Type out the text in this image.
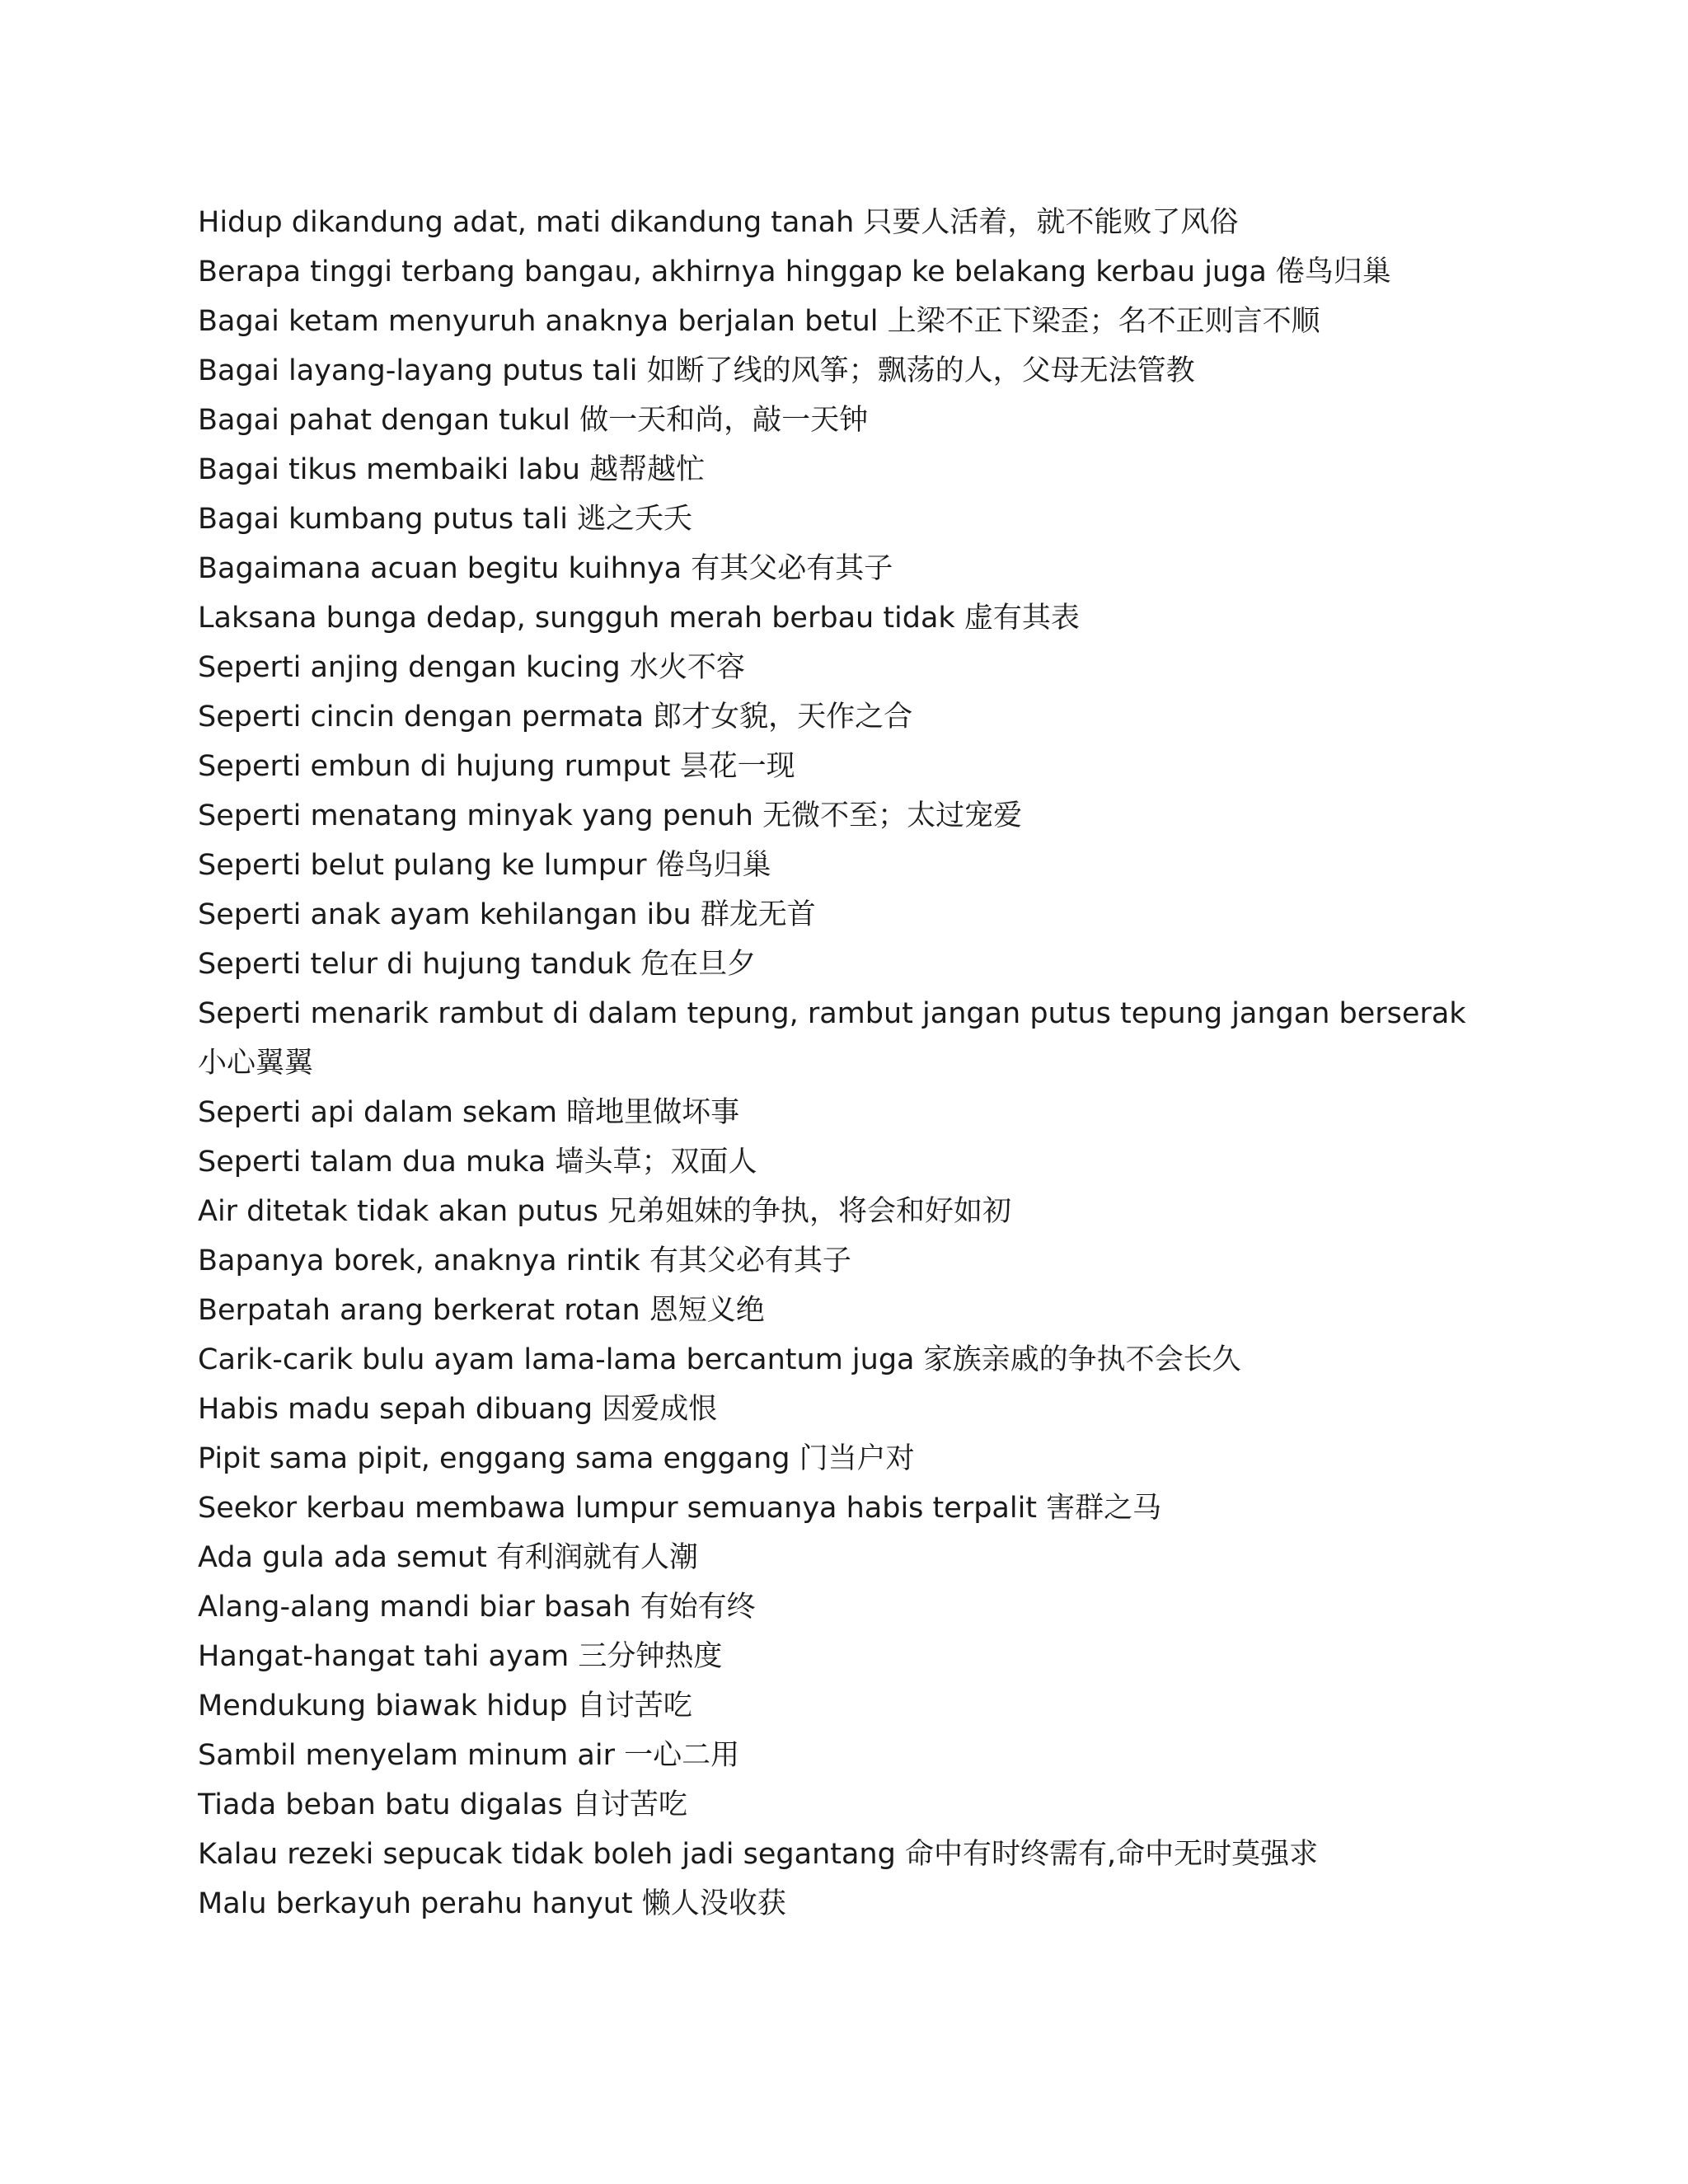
Hidup dikandung adat, mati dikandung tanah 只要人活着，就不能败了风俗
Berapa tinggi terbang bangau, akhirnya hinggap ke belakang kerbau juga 倦鸟归巢
Bagai ketam menyuruh anaknya berjalan betul 上梁不正下梁歪；名不正则言不顺
Bagai layang-layang putus tali 如断了线的风筝；飘荡的人，父母无法管教
Bagai pahat dengan tukul 做一天和尚，敲一天钟
Bagai tikus membaiki labu 越帮越忙
Bagai kumbang putus tali 逃之夭夭
Bagaimana acuan begitu kuihnya 有其父必有其子
Laksana bunga dedap, sungguh merah berbau tidak 虚有其表
Seperti anjing dengan kucing 水火不容
Seperti cincin dengan permata 郎才女貌，天作之合
Seperti embun di hujung rumput 昙花一现
Seperti menatang minyak yang penuh 无微不至；太过宠爱
Seperti belut pulang ke lumpur 倦鸟归巢
Seperti anak ayam kehilangan ibu 群龙无首
Seperti telur di hujung tanduk 危在旦夕
Seperti menarik rambut di dalam tepung, rambut jangan putus tepung jangan berserak 小心翼翼
Seperti api dalam sekam 暗地里做坏事
Seperti talam dua muka 墙头草；双面人
Air ditetak tidak akan putus 兄弟姐妹的争执，将会和好如初
Bapanya borek, anaknya rintik 有其父必有其子
Berpatah arang berkerat rotan 恩短义绝
Carik-carik bulu ayam lama-lama bercantum juga 家族亲戚的争执不会长久
Habis madu sepah dibuang 因爱成恨
Pipit sama pipit, enggang sama enggang 门当户对
Seekor kerbau membawa lumpur semuanya habis terpalit 害群之马
Ada gula ada semut 有利润就有人潮
Alang-alang mandi biar basah 有始有终
Hangat-hangat tahi ayam 三分钟热度
Mendukung biawak hidup 自讨苦吃
Sambil menyelam minum air 一心二用
Tiada beban batu digalas 自讨苦吃
Kalau rezeki sepucak tidak boleh jadi segantang 命中有时终需有,命中无时莫强求
Malu berkayuh perahu hanyut 懒人没收获
